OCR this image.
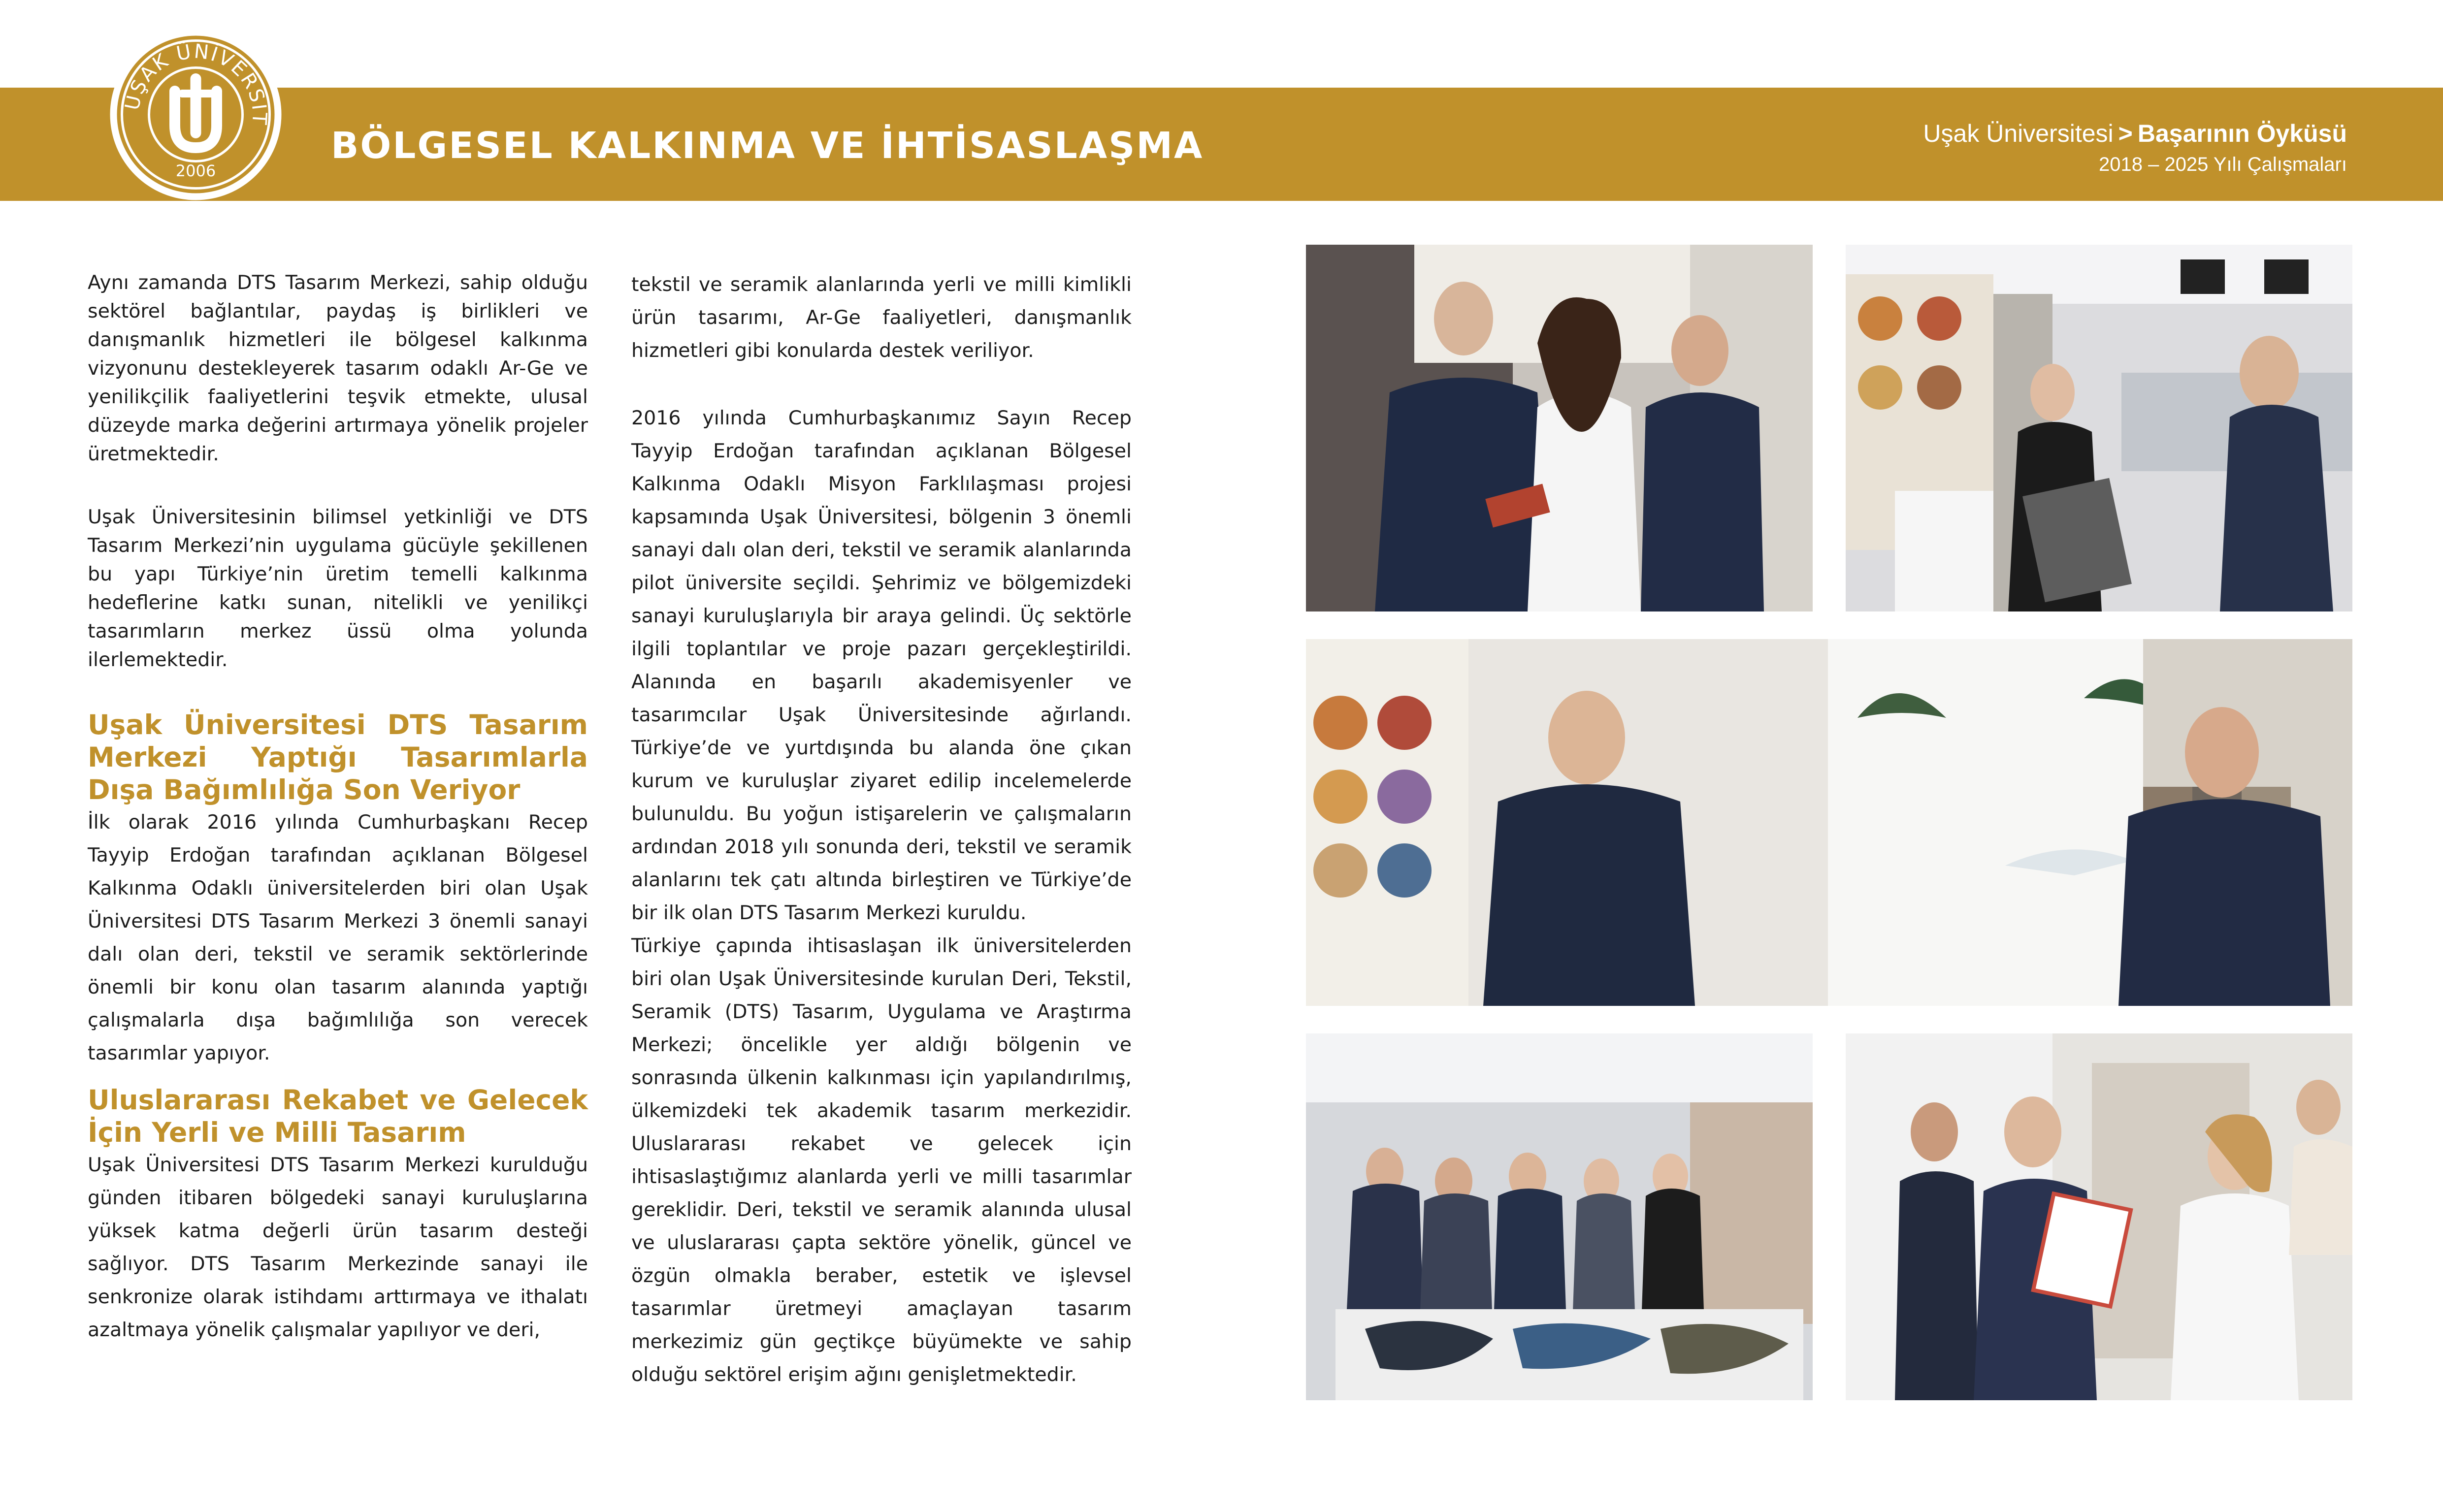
UŞAK ÜNİVERSİT
2006
BÖLGESEL KALKINMA VE İHTİSASLAŞMA	Uşak Üniversitesi > Başarının Öyküsü
2018 – 2025 Yılı Çalışmaları

Aynı zamanda DTS Tasarım Merkezi, sahip olduğu sektörel bağlantılar, paydaş iş birlikleri ve danışmanlık hizmetleri ile bölgesel kalkınma vizyonunu destekleyerek tasarım odaklı Ar-Ge ve yenilikçilik faaliyetlerini teşvik etmekte, ulusal düzeyde marka değerini artırmaya yönelik projeler üretmektedir.

Uşak Üniversitesinin bilimsel yetkinliği ve DTS Tasarım Merkezi’nin uygulama gücüyle şekillenen bu yapı Türkiye’nin üretim temelli kalkınma hedeflerine katkı sunan, nitelikli ve yenilikçi tasarımların merkez üssü olma yolunda ilerlemektedir.

Uşak Üniversitesi DTS Tasarım Merkezi Yaptığı Tasarımlarla Dışa Bağımlılığa Son Veriyor

İlk olarak 2016 yılında Cumhurbaşkanı Recep Tayyip Erdoğan tarafından açıklanan Bölgesel Kalkınma Odaklı üniversitelerden biri olan Uşak Üniversitesi DTS Tasarım Merkezi 3 önemli sanayi dalı olan deri, tekstil ve seramik sektörlerinde önemli bir konu olan tasarım alanında yaptığı çalışmalarla dışa bağımlılığa son verecek tasarımlar yapıyor.

Uluslararası Rekabet ve Gelecek İçin Yerli ve Milli Tasarım

Uşak Üniversitesi DTS Tasarım Merkezi kurulduğu günden itibaren bölgedeki sanayi kuruluşlarına yüksek katma değerli ürün tasarım desteği sağlıyor. DTS Tasarım Merkezinde sanayi ile senkronize olarak istihdamı arttırmaya ve ithalatı azaltmaya yönelik çalışmalar yapılıyor ve deri,

tekstil ve seramik alanlarında yerli ve milli kimlikli ürün tasarımı, Ar-Ge faaliyetleri, danışmanlık hizmetleri gibi konularda destek veriliyor.

2016 yılında Cumhurbaşkanımız Sayın Recep Tayyip Erdoğan tarafından açıklanan Bölgesel Kalkınma Odaklı Misyon Farklılaşması projesi kapsamında Uşak Üniversitesi, bölgenin 3 önemli sanayi dalı olan deri, tekstil ve seramik alanlarında pilot üniversite seçildi. Şehrimiz ve bölgemizdeki sanayi kuruluşlarıyla bir araya gelindi. Üç sektörle ilgili toplantılar ve proje pazarı gerçekleştirildi. Alanında en başarılı akademisyenler ve tasarımcılar Uşak Üniversitesinde ağırlandı. Türkiye’de ve yurtdışında bu alanda öne çıkan kurum ve kuruluşlar ziyaret edilip incelemelerde bulunuldu. Bu yoğun istişarelerin ve çalışmaların ardından 2018 yılı sonunda deri, tekstil ve seramik alanlarını tek çatı altında birleştiren ve Türkiye’de bir ilk olan DTS Tasarım Merkezi kuruldu.

Türkiye çapında ihtisaslaşan ilk üniversitelerden biri olan Uşak Üniversitesinde kurulan Deri, Tekstil, Seramik (DTS) Tasarım, Uygulama ve Araştırma Merkezi; öncelikle yer aldığı bölgenin ve sonrasında ülkenin kalkınması için yapılandırılmış, ülkemizdeki tek akademik tasarım merkezidir. Uluslararası rekabet ve gelecek için ihtisaslaştığımız alanlarda yerli ve milli tasarımlar gereklidir. Deri, tekstil ve seramik alanında ulusal ve uluslararası çapta sektöre yönelik, güncel ve özgün olmakla beraber, estetik ve işlevsel tasarımlar üretmeyi amaçlayan tasarım merkezimiz gün geçtikçe büyümekte ve sahip olduğu sektörel erişim ağını genişletmektedir.
